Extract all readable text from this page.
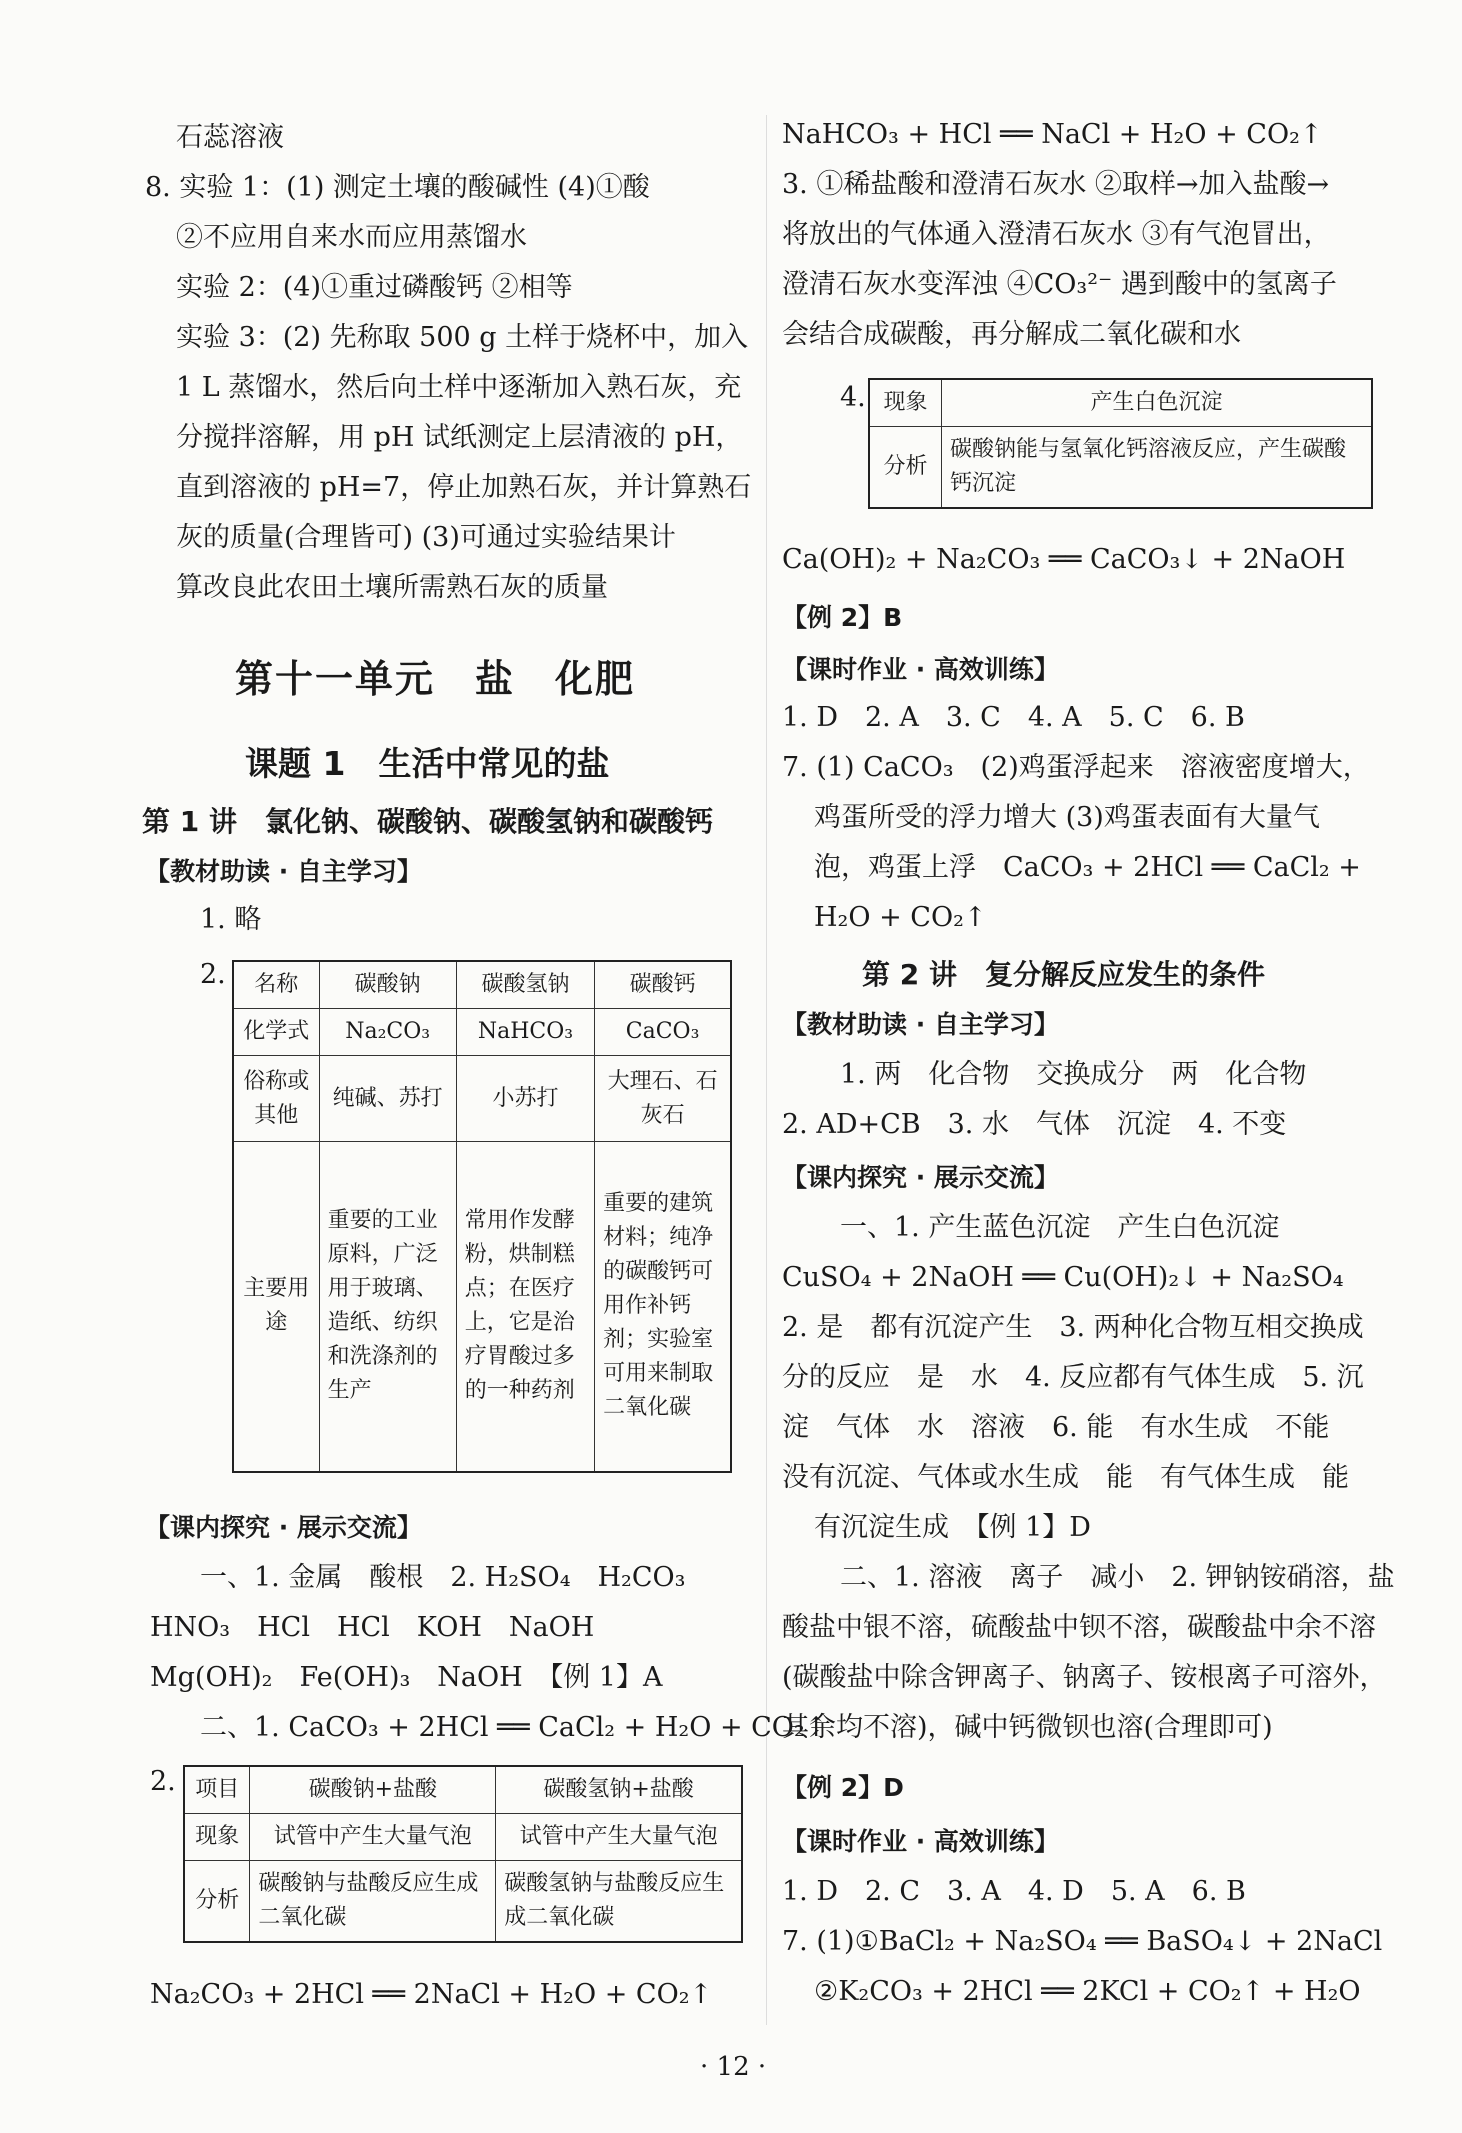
石蕊溶液
8. 实验 1：(1) 测定土壤的酸碱性 (4)①酸
②不应用自来水而应用蒸馏水
实验 2：(4)①重过磷酸钙 ②相等
实验 3：(2) 先称取 500 g 土样于烧杯中，加入
1 L 蒸馏水，然后向土样中逐渐加入熟石灰，充
分搅拌溶解，用 pH 试纸测定上层清液的 pH，
直到溶液的 pH=7，停止加熟石灰，并计算熟石
灰的质量(合理皆可) (3)可通过实验结果计
算改良此农田土壤所需熟石灰的质量
第十一单元　盐　化肥
课题 1　生活中常见的盐
第 1 讲　氯化钠、碳酸钠、碳酸氢钠和碳酸钙
【教材助读 · 自主学习】
1. 略
2. 名称	碳酸钠	碳酸氢钠	碳酸钙
化学式	Na₂CO₃	NaHCO₃	CaCO₃
俗称或其他	纯碱、苏打	小苏打	大理石、石灰石
主要用途	重要的工业原料，广泛用于玻璃、造纸、纺织和洗涤剂的生产	常用作发酵粉，烘制糕点；在医疗上，它是治疗胃酸过多的一种药剂	重要的建筑材料；纯净的碳酸钙可用作补钙剂；实验室可用来制取二氧化碳
【课内探究 · 展示交流】
一、1. 金属　酸根　2. H₂SO₄　H₂CO₃
HNO₃　HCl　HCl　KOH　NaOH
Mg(OH)₂　Fe(OH)₃　NaOH　【例 1】A
二、1. CaCO₃ + 2HCl ══ CaCl₂ + H₂O + CO₂↑
2. 项目	碳酸钠+盐酸	碳酸氢钠+盐酸
现象	试管中产生大量气泡	试管中产生大量气泡
分析	碳酸钠与盐酸反应生成二氧化碳	碳酸氢钠与盐酸反应生成二氧化碳
Na₂CO₃ + 2HCl ══ 2NaCl + H₂O + CO₂↑
NaHCO₃ + HCl ══ NaCl + H₂O + CO₂↑
3. ①稀盐酸和澄清石灰水 ②取样→加入盐酸→
将放出的气体通入澄清石灰水 ③有气泡冒出，
澄清石灰水变浑浊 ④CO₃²⁻ 遇到酸中的氢离子
会结合成碳酸，再分解成二氧化碳和水
4. 现象	产生白色沉淀
分析	碳酸钠能与氢氧化钙溶液反应，产生碳酸钙沉淀
Ca(OH)₂ + Na₂CO₃ ══ CaCO₃↓ + 2NaOH
【例 2】B
【课时作业 · 高效训练】
1. D　2. A　3. C　4. A　5. C　6. B
7. (1) CaCO₃　(2)鸡蛋浮起来　溶液密度增大，
鸡蛋所受的浮力增大 (3)鸡蛋表面有大量气
泡，鸡蛋上浮　CaCO₃ + 2HCl ══ CaCl₂ +
H₂O + CO₂↑
第 2 讲　复分解反应发生的条件
【教材助读 · 自主学习】
1. 两　化合物　交换成分　两　化合物
2. AD+CB　3. 水　气体　沉淀　4. 不变
【课内探究 · 展示交流】
一、1. 产生蓝色沉淀　产生白色沉淀
CuSO₄ + 2NaOH ══ Cu(OH)₂↓ + Na₂SO₄
2. 是　都有沉淀产生　3. 两种化合物互相交换成
分的反应　是　水　4. 反应都有气体生成　5. 沉
淀　气体　水　溶液　6. 能　有水生成　不能
没有沉淀、气体或水生成　能　有气体生成　能
有沉淀生成　【例 1】D
二、1. 溶液　离子　减小　2. 钾钠铵硝溶，盐
酸盐中银不溶，硫酸盐中钡不溶，碳酸盐中余不溶
(碳酸盐中除含钾离子、钠离子、铵根离子可溶外，
其余均不溶)，碱中钙微钡也溶(合理即可)
【例 2】D
【课时作业 · 高效训练】
1. D　2. C　3. A　4. D　5. A　6. B
7. (1)①BaCl₂ + Na₂SO₄ ══ BaSO₄↓ + 2NaCl
②K₂CO₃ + 2HCl ══ 2KCl + CO₂↑ + H₂O
· 12 ·
